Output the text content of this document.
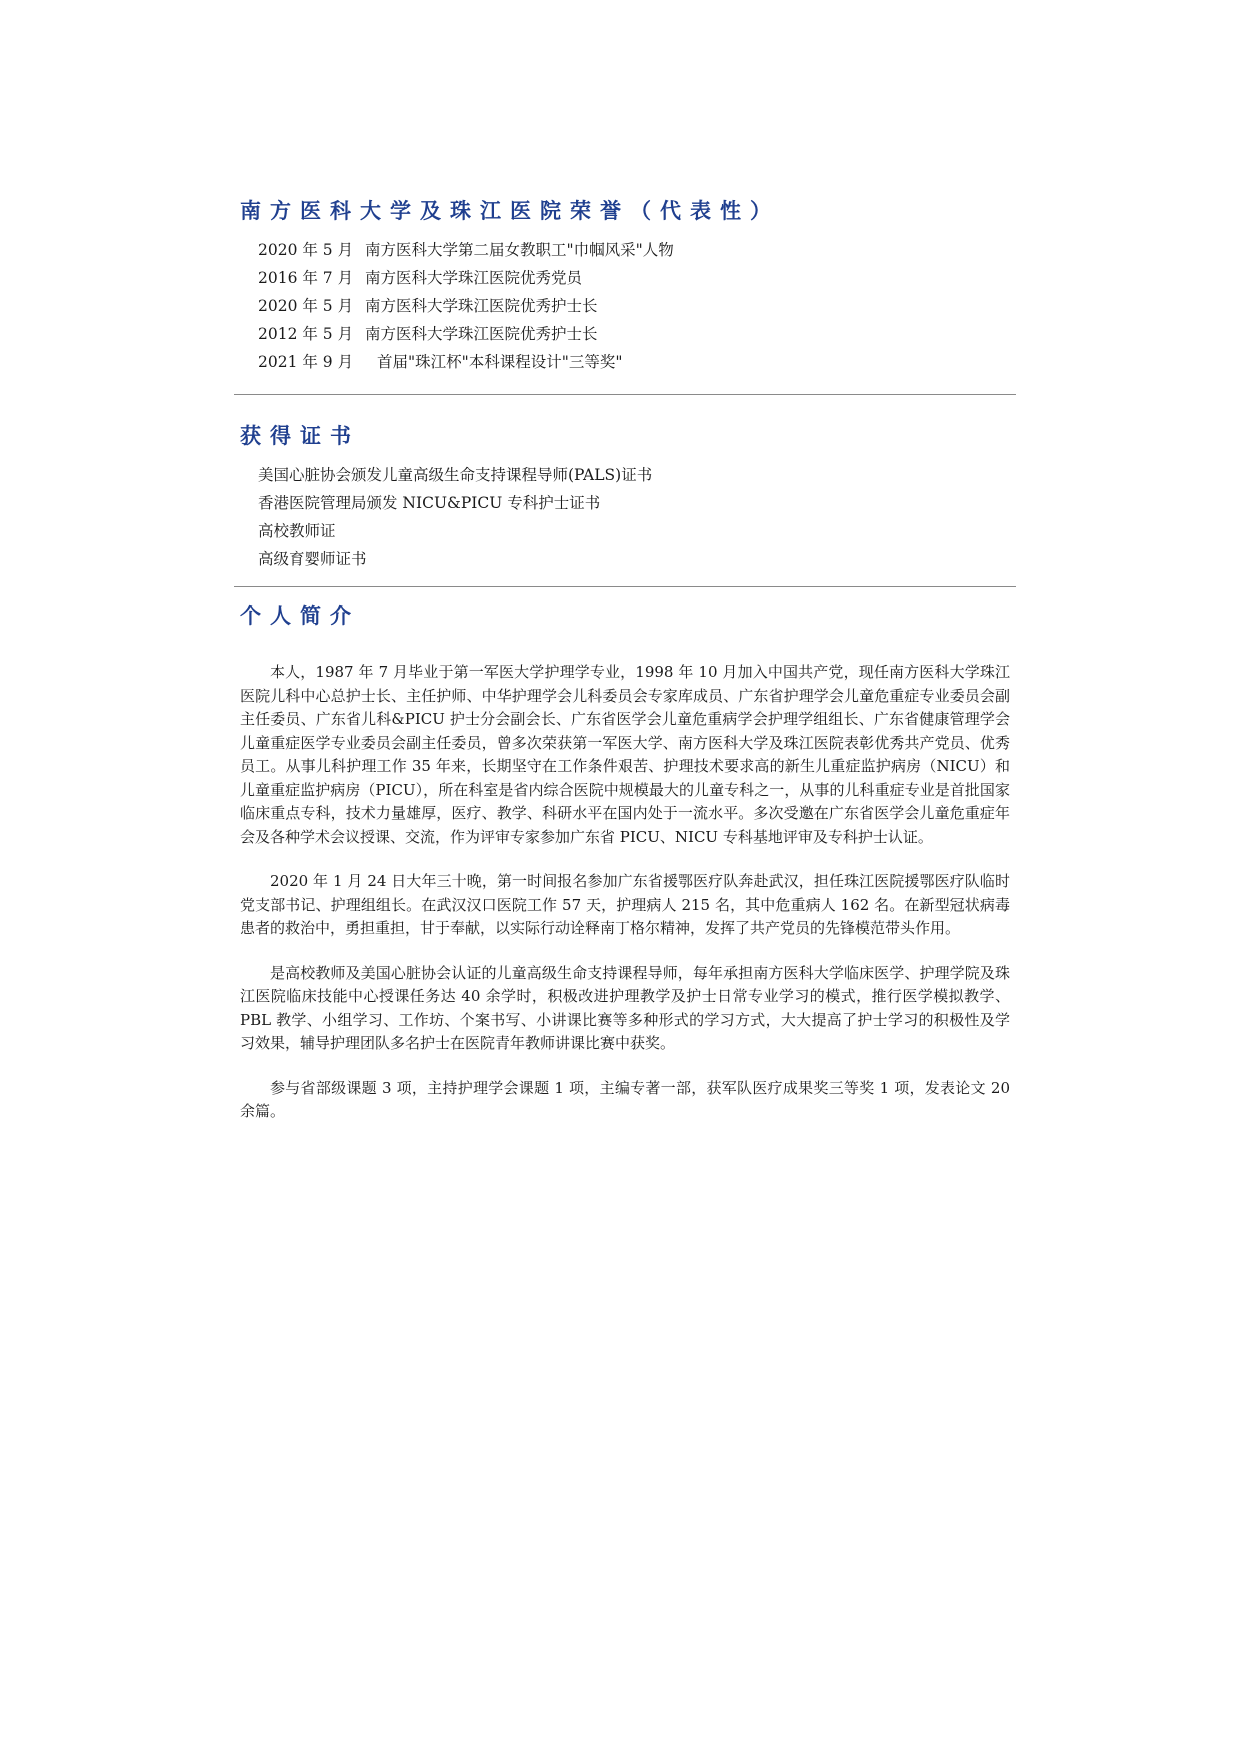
南方医科大学及珠江医院荣誉（代表性）
2020 年 5 月 南方医科大学第二届女教职工"巾帼风采"人物
2016 年 7 月 南方医科大学珠江医院优秀党员
2020 年 5 月 南方医科大学珠江医院优秀护士长
2012 年 5 月 南方医科大学珠江医院优秀护士长
2021 年 9 月	首届"珠江杯"本科课程设计"三等奖"
获得证书
美国心脏协会颁发儿童高级生命支持课程导师(PALS)证书
香港医院管理局颁发 NICU&PICU 专科护士证书
高校教师证
高级育婴师证书
个人简介

本人，1987 年 7 月毕业于第一军医大学护理学专业，1998 年 10 月加入中国共产党，现任南方医科大学珠江医院儿科中心总护士长、主任护师、中华护理学会儿科委员会专家库成员、广东省护理学会儿童危重症专业委员会副主任委员、广东省儿科&PICU 护士分会副会长、广东省医学会儿童危重病学会护理学组组长、广东省健康管理学会儿童重症医学专业委员会副主任委员，曾多次荣获第一军医大学、南方医科大学及珠江医院表彰优秀共产党员、优秀员工。从事儿科护理工作 35 年来，长期坚守在工作条件艰苦、护理技术要求高的新生儿重症监护病房（NICU）和儿童重症监护病房（PICU），所在科室是省内综合医院中规模最大的儿童专科之一，从事的儿科重症专业是首批国家临床重点专科，技术力量雄厚，医疗、教学、科研水平在国内处于一流水平。多次受邀在广东省医学会儿童危重症年会及各种学术会议授课、交流，作为评审专家参加广东省 PICU、NICU 专科基地评审及专科护士认证。

2020 年 1 月 24 日大年三十晚，第一时间报名参加广东省援鄂医疗队奔赴武汉，担任珠江医院援鄂医疗队临时党支部书记、护理组组长。在武汉汉口医院工作 57 天，护理病人 215 名，其中危重病人 162 名。在新型冠状病毒患者的救治中，勇担重担，甘于奉献，以实际行动诠释南丁格尔精神，发挥了共产党员的先锋模范带头作用。

是高校教师及美国心脏协会认证的儿童高级生命支持课程导师，每年承担南方医科大学临床医学、护理学院及珠江医院临床技能中心授课任务达 40 余学时，积极改进护理教学及护士日常专业学习的模式，推行医学模拟教学、PBL 教学、小组学习、工作坊、个案书写、小讲课比赛等多种形式的学习方式，大大提高了护士学习的积极性及学习效果，辅导护理团队多名护士在医院青年教师讲课比赛中获奖。

参与省部级课题 3 项，主持护理学会课题 1 项，主编专著一部，获军队医疗成果奖三等奖 1 项，发表论文 20 余篇。
